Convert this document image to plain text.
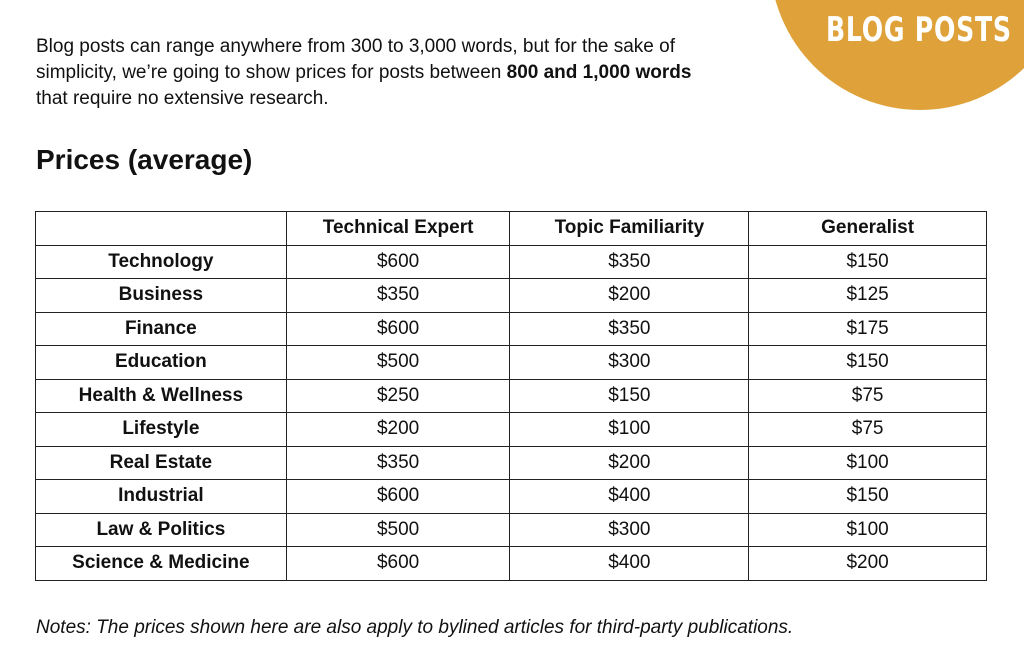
BLOG POSTS

Blog posts can range anywhere from 300 to 3,000 words, but for the sake of
simplicity, we’re going to show prices for posts between 800 and 1,000 words
that require no extensive research.

Prices (average)
	Technical Expert	Topic Familiarity	Generalist
Technology	$600	$350	$150
Business	$350	$200	$125
Finance	$600	$350	$175
Education	$500	$300	$150
Health & Wellness	$250	$150	$75
Lifestyle	$200	$100	$75
Real Estate	$350	$200	$100
Industrial	$600	$400	$150
Law & Politics	$500	$300	$100
Science & Medicine	$600	$400	$200

Notes: The prices shown here are also apply to bylined articles for third-party publications.
